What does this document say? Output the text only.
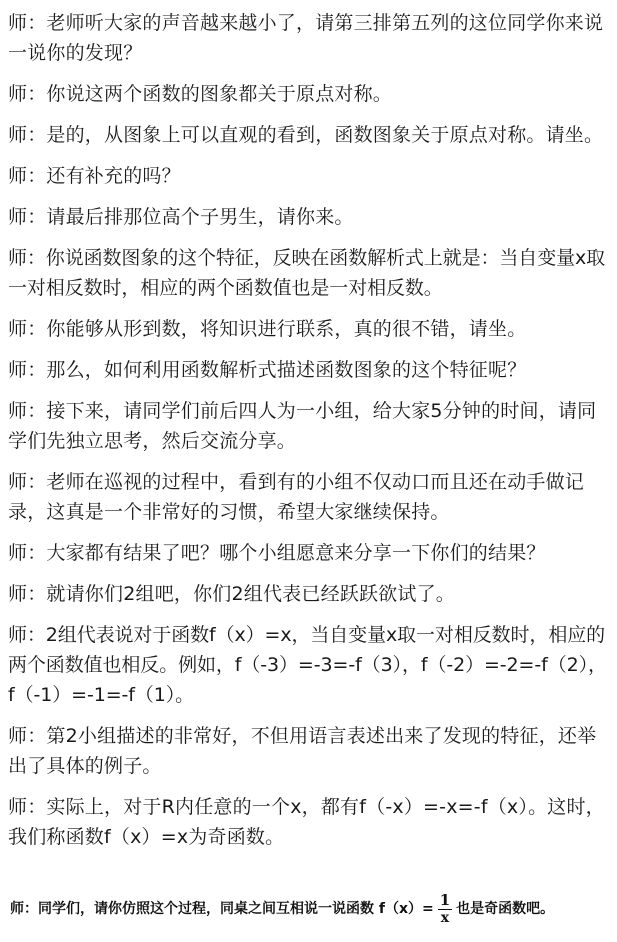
师：老师听大家的声音越来越小了，请第三排第五列的这位同学你来说一说你的发现？

师：你说这两个函数的图象都关于原点对称。

师：是的，从图象上可以直观的看到，函数图象关于原点对称。请坐。

师：还有补充的吗？

师：请最后排那位高个子男生，请你来。

师：你说函数图象的这个特征，反映在函数解析式上就是：当自变量x取一对相反数时，相应的两个函数值也是一对相反数。

师：你能够从形到数，将知识进行联系，真的很不错，请坐。

师：那么，如何利用函数解析式描述函数图象的这个特征呢？

师：接下来，请同学们前后四人为一小组，给大家5分钟的时间，请同学们先独立思考，然后交流分享。

师：老师在巡视的过程中，看到有的小组不仅动口而且还在动手做记录，这真是一个非常好的习惯，希望大家继续保持。

师：大家都有结果了吧？哪个小组愿意来分享一下你们的结果？

师：就请你们2组吧，你们2组代表已经跃跃欲试了。

师：2组代表说对于函数f（x）=x，当自变量x取一对相反数时，相应的两个函数值也相反。例如，f（-3）=-3=-f（3），f（-2）=-2=-f（2），f（-1）=-1=-f（1）。

师：第2小组描述的非常好，不但用语言表述出来了发现的特征，还举出了具体的例子。

师：实际上，对于R内任意的一个x，都有f（-x）=-x=-f（x）。这时，我们称函数f（x）=x为奇函数。

师：同学们，请你仿照这个过程，同桌之间互相说一说函数 $f(x)= \frac{1}{x}$ 也是奇函数吧。
